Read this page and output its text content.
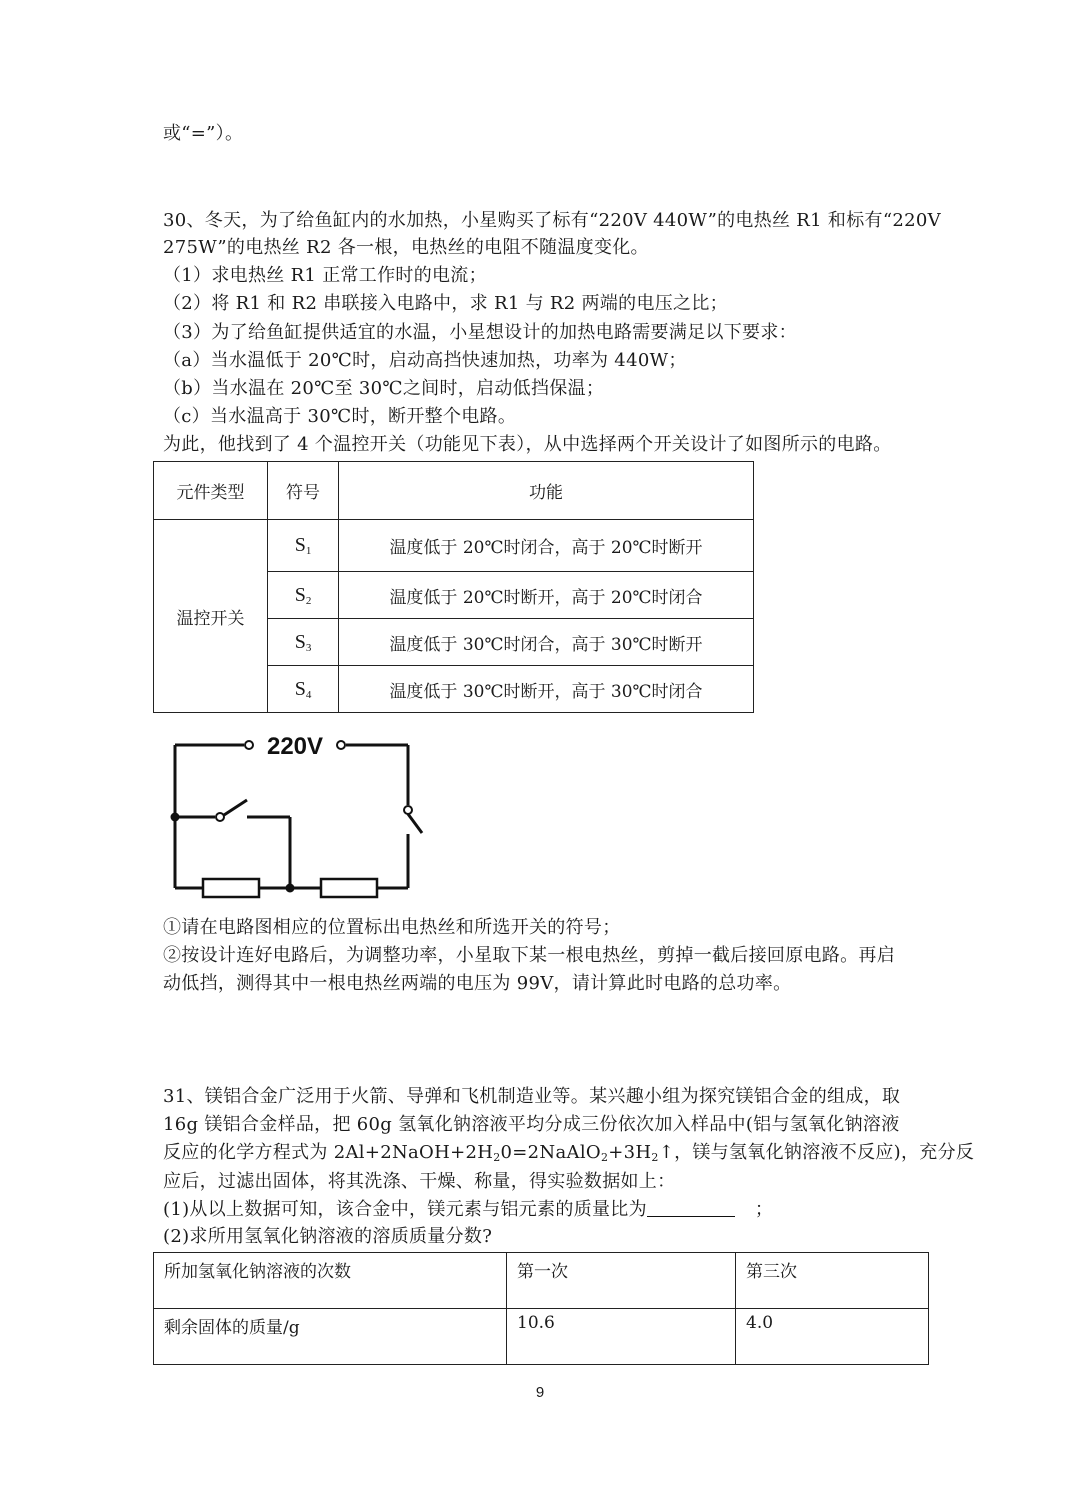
或“=”）。
30、冬天，为了给鱼缸内的水加热，小星购买了标有“220V 440W”的电热丝 R1 和标有“220V
275W”的电热丝 R2 各一根，电热丝的电阻不随温度变化。
（1）求电热丝 R1 正常工作时的电流；
（2）将 R1 和 R2 串联接入电路中，求 R1 与 R2 两端的电压之比；
（3）为了给鱼缸提供适宜的水温，小星想设计的加热电路需要满足以下要求：
（a）当水温低于 20℃时，启动高挡快速加热，功率为 440W；
（b）当水温在 20℃至 30℃之间时，启动低挡保温；
（c）当水温高于 30℃时，断开整个电路。
为此，他找到了 4 个温控开关（功能见下表），从中选择两个开关设计了如图所示的电路。
元件类型	符号	功能
温控开关	$S_1$	温度低于 20℃时闭合，高于 20℃时断开
	$S_2$	温度低于 20℃时断开，高于 20℃时闭合
	$S_3$	温度低于 30℃时闭合，高于 30℃时断开
	$S_4$	温度低于 30℃时断开，高于 30℃时闭合
220V
①请在电路图相应的位置标出电热丝和所选开关的符号；
②按设计连好电路后，为调整功率，小星取下某一根电热丝，剪掉一截后接回原电路。再启
动低挡，测得其中一根电热丝两端的电压为 99V，请计算此时电路的总功率。
31、镁铝合金广泛用于火箭、导弹和飞机制造业等。某兴趣小组为探究镁铝合金的组成，取
16g 镁铝合金样品，把 60g 氢氧化钠溶液平均分成三份依次加入样品中(铝与氢氧化钠溶液
反应的化学方程式为 $2Al+2NaOH+2H_20=2NaAlO_2+3H_2↑$，镁与氢氧化钠溶液不反应)，充分反
应后，过滤出固体，将其洗涤、干燥、称量，得实验数据如上：
(1)从以上数据可知，该合金中，镁元素与铝元素的质量比为	；
(2)求所用氢氧化钠溶液的溶质质量分数?
所加氢氧化钠溶液的次数	第一次	第三次
剩余固体的质量/g	10.6	4.0
9
